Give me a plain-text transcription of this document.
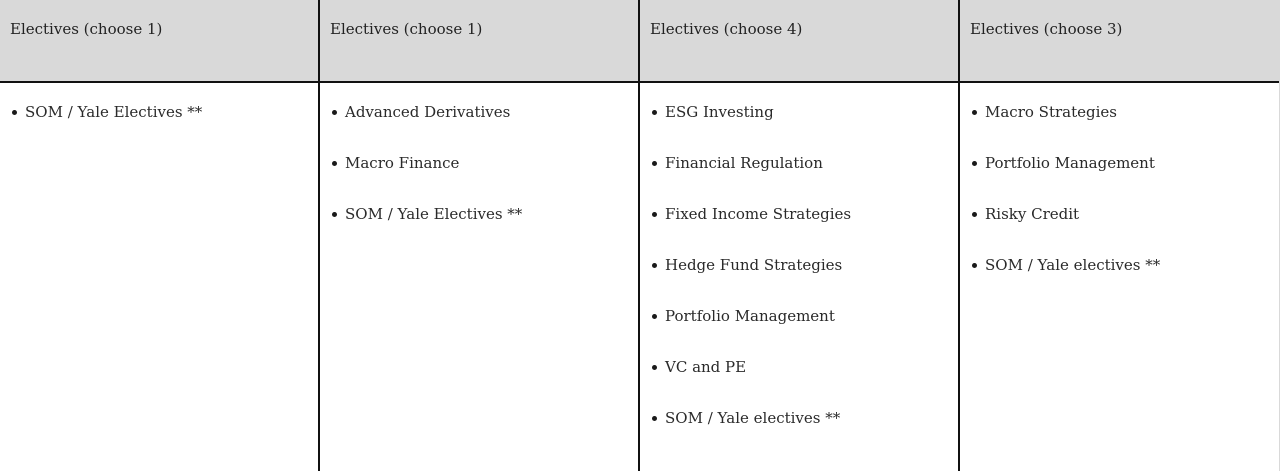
Electives (choose 1)
SOM / Yale Electives **
Electives (choose 1)
Advanced Derivatives
Macro Finance
SOM / Yale Electives **
Electives (choose 4)
ESG Investing
Financial Regulation
Fixed Income Strategies
Hedge Fund Strategies
Portfolio Management
VC and PE
SOM / Yale electives **
Electives (choose 3)
Macro Strategies
Portfolio Management
Risky Credit
SOM / Yale electives **
